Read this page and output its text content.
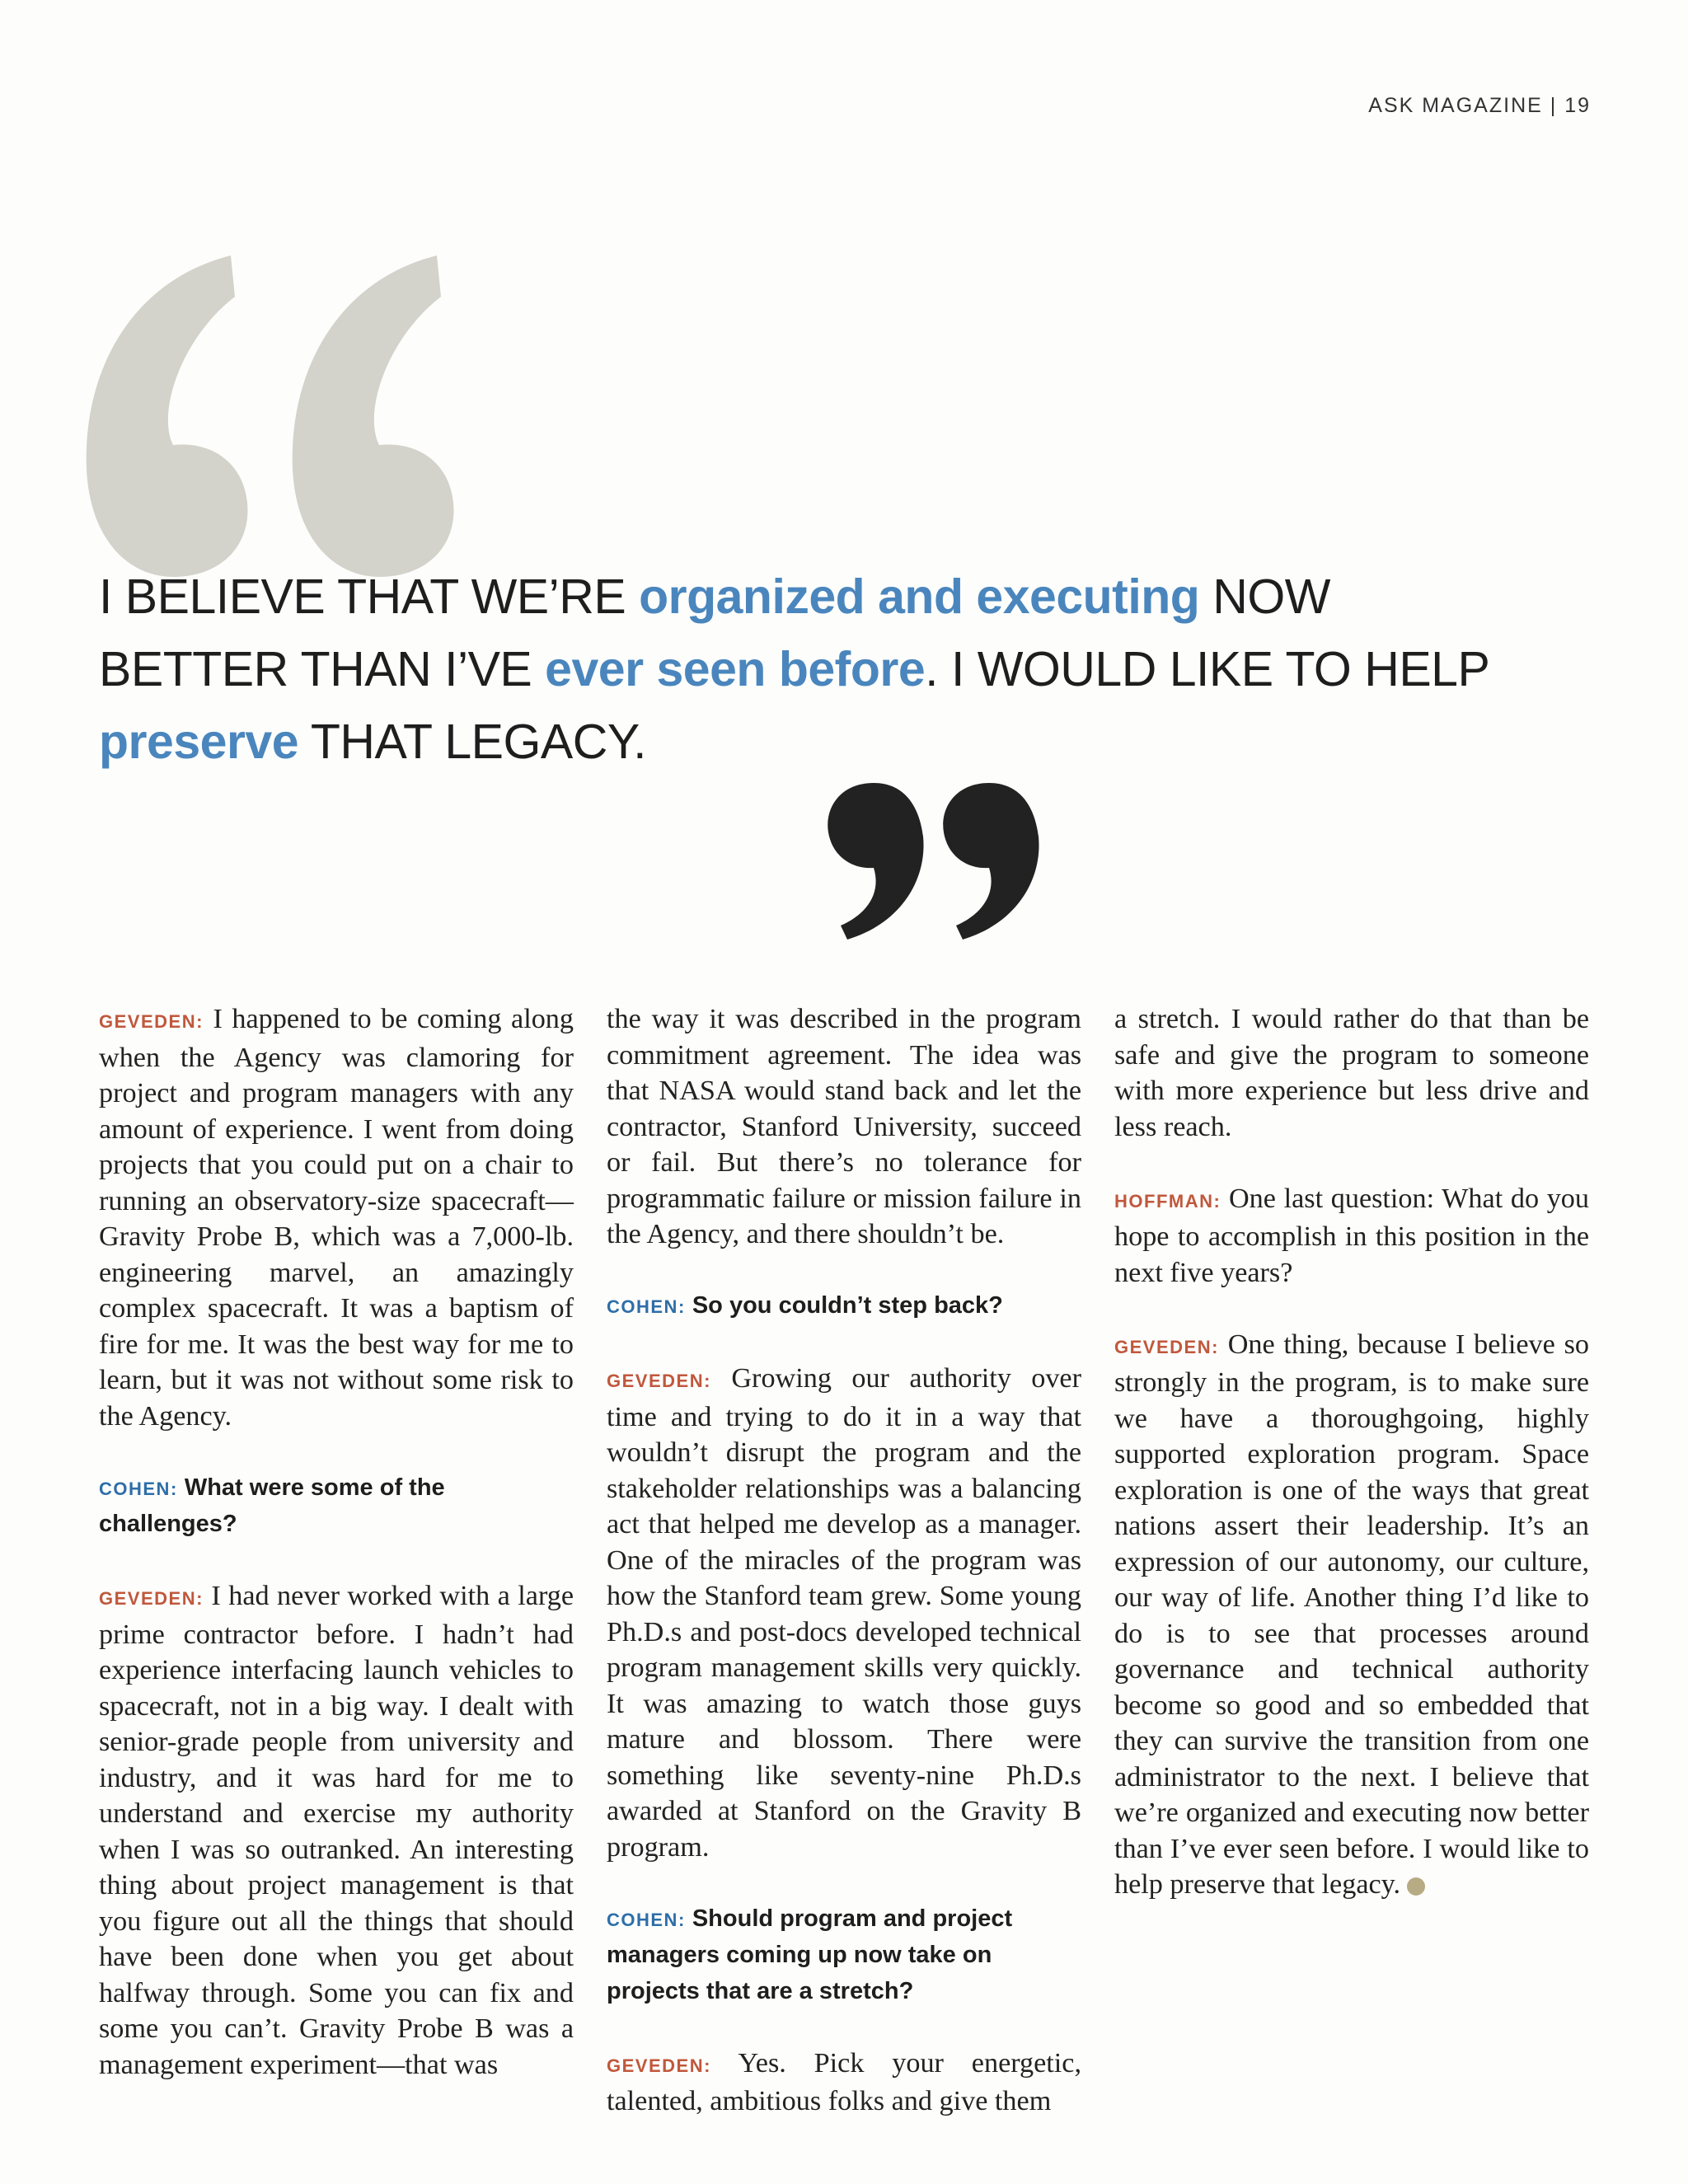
ASK MAGAZINE | 19
I BELIEVE THAT WE’RE organized and executing NOW BETTER THAN I’VE ever seen before. I WOULD LIKE TO HELP preserve THAT LEGACY.

GEVEDEN: I happened to be coming along when the Agency was clamoring for project and program managers with any amount of experience. I went from doing projects that you could put on a chair to running an observatory-size spacecraft—Gravity Probe B, which was a 7,000-lb. engineering marvel, an amazingly complex spacecraft. It was a baptism of fire for me. It was the best way for me to learn, but it was not without some risk to the Agency.

COHEN: What were some of the challenges?

GEVEDEN: I had never worked with a large prime contractor before. I hadn’t had experience interfacing launch vehicles to spacecraft, not in a big way. I dealt with senior-grade people from university and industry, and it was hard for me to understand and exercise my authority when I was so outranked. An interesting thing about project management is that you figure out all the things that should have been done when you get about halfway through. Some you can fix and some you can’t. Gravity Probe B was a management experiment—that was

the way it was described in the program commitment agreement. The idea was that NASA would stand back and let the contractor, Stanford University, succeed or fail. But there’s no tolerance for programmatic failure or mission failure in the Agency, and there shouldn’t be.

COHEN: So you couldn’t step back?

GEVEDEN: Growing our authority over time and trying to do it in a way that wouldn’t disrupt the program and the stakeholder relationships was a balancing act that helped me develop as a manager. One of the miracles of the program was how the Stanford team grew. Some young Ph.D.s and post-docs developed technical program management skills very quickly. It was amazing to watch those guys mature and blossom. There were something like seventy-nine Ph.D.s awarded at Stanford on the Gravity B program.

COHEN: Should program and project managers coming up now take on projects that are a stretch?

GEVEDEN: Yes. Pick your energetic, talented, ambitious folks and give them

a stretch. I would rather do that than be safe and give the program to someone with more experience but less drive and less reach.

HOFFMAN: One last question: What do you hope to accomplish in this position in the next five years?

GEVEDEN: One thing, because I believe so strongly in the program, is to make sure we have a thoroughgoing, highly supported exploration program. Space exploration is one of the ways that great nations assert their leadership. It’s an expression of our autonomy, our culture, our way of life. Another thing I’d like to do is to see that processes around governance and technical authority become so good and so embedded that they can survive the transition from one administrator to the next. I believe that we’re organized and executing now better than I’ve ever seen before. I would like to help preserve that legacy.
